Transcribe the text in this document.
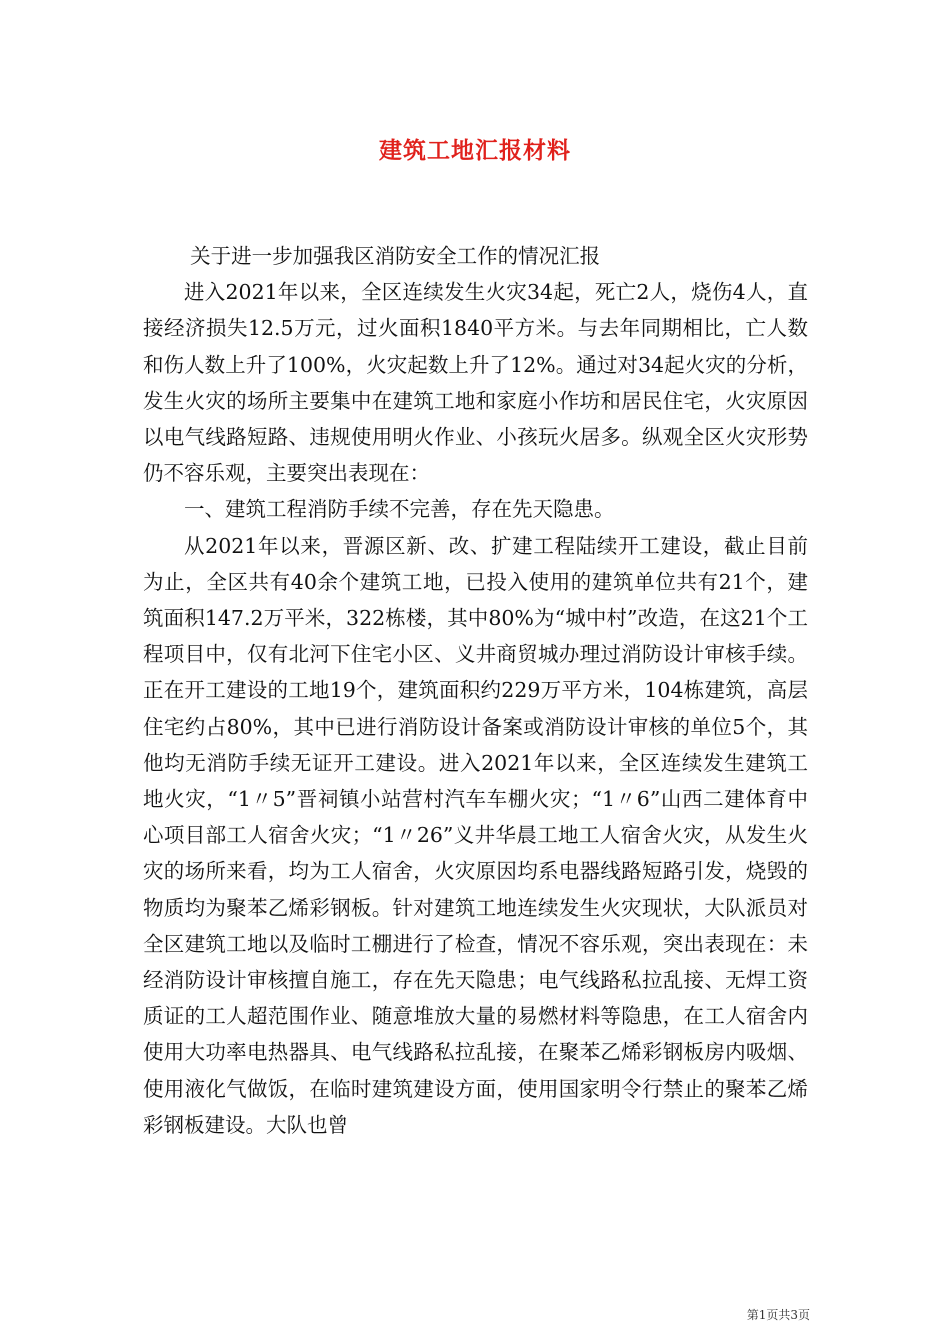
建筑工地汇报材料

关于进一步加强我区消防安全工作的情况汇报

进入2021年以来，全区连续发生火灾34起，死亡2人，烧伤4人，直接经济损失12.5万元，过火面积1840平方米。与去年同期相比，亡人数和伤人数上升了100%，火灾起数上升了12%。通过对34起火灾的分析，发生火灾的场所主要集中在建筑工地和家庭小作坊和居民住宅，火灾原因以电气线路短路、违规使用明火作业、小孩玩火居多。纵观全区火灾形势仍不容乐观，主要突出表现在：

一、建筑工程消防手续不完善，存在先天隐患。

从2021年以来，晋源区新、改、扩建工程陆续开工建设，截止目前为止，全区共有40余个建筑工地，已投入使用的建筑单位共有21个，建筑面积147.2万平米，322栋楼，其中80%为“城中村”改造，在这21个工程项目中，仅有北河下住宅小区、义井商贸城办理过消防设计审核手续。正在开工建设的工地19个，建筑面积约229万平方米，104栋建筑，高层住宅约占80%，其中已进行消防设计备案或消防设计审核的单位5个，其他均无消防手续无证开工建设。进入2021年以来，全区连续发生建筑工地火灾，“1〃5”晋祠镇小站营村汽车车棚火灾；“1〃6”山西二建体育中心项目部工人宿舍火灾；“1〃26”义井华晨工地工人宿舍火灾，从发生火灾的场所来看，均为工人宿舍，火灾原因均系电器线路短路引发，烧毁的物质均为聚苯乙烯彩钢板。针对建筑工地连续发生火灾现状，大队派员对全区建筑工地以及临时工棚进行了检查，情况不容乐观，突出表现在：未经消防设计审核擅自施工，存在先天隐患；电气线路私拉乱接、无焊工资质证的工人超范围作业、随意堆放大量的易燃材料等隐患，在工人宿舍内使用大功率电热器具、电气线路私拉乱接，在聚苯乙烯彩钢板房内吸烟、使用液化气做饭，在临时建筑建设方面，使用国家明令行禁止的聚苯乙烯彩钢板建设。大队也曾

第1页共3页
